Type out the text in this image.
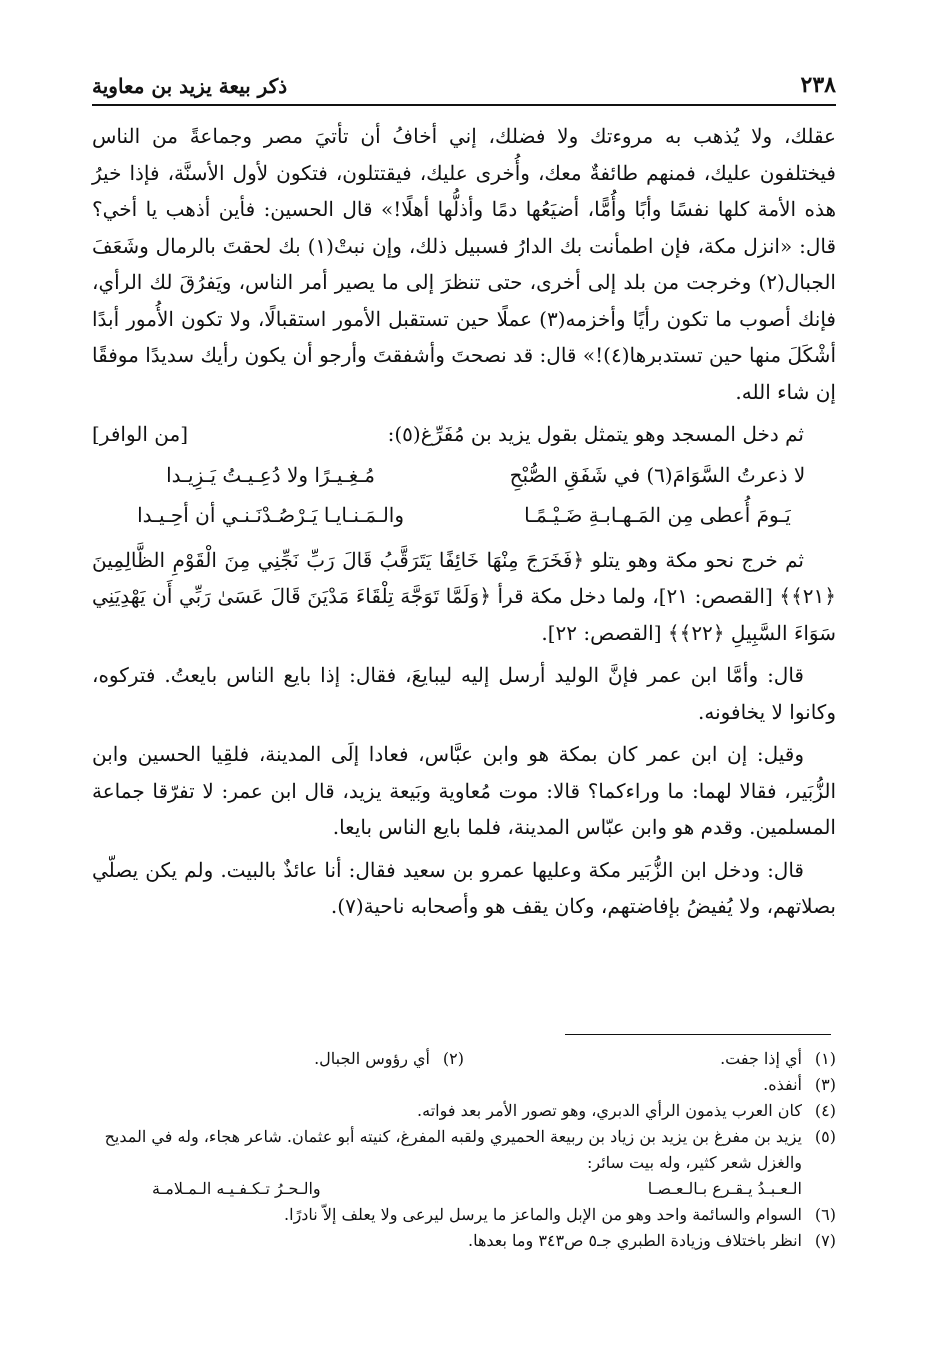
٢٣٨
ذكر بيعة يزيد بن معاوية

عقلك، ولا يُذهب به مروءتك ولا فضلك، إني أخافُ أن تأتيَ مصر وجماعةً من الناس فيختلفون عليك، فمنهم طائفةٌ معك، وأُخرى عليك، فيقتتلون، فتكون لأول الأسنَّة، فإذا خيرُ هذه الأمة كلها نفسًا وأبًا وأُمًّا، أضيَعُها دمًا وأذلُّها أهلًا!» قال الحسين: فأين أذهب يا أخي؟ قال: «انزل مكة، فإن اطمأنت بك الدارُ فسبيل ذلك، وإن نبتْ(١) بك لحقتَ بالرمال وشَعَفَ الجبال(٢) وخرجت من بلد إلى أخرى، حتى تنظرَ إلى ما يصير أمر الناس، ويَفرُقَ لك الرأي، فإنك أصوب ما تكون رأيًا وأخزمه(٣) عملًا حين تستقبل الأمور استقبالًا، ولا تكون الأُمور أبدًا أشْكَلَ منها حين تستدبرها(٤)!» قال: قد نصحتَ وأشفقتَ وأرجو أن يكون رأيك سديدًا موفقًا إن شاء الله.

ثم دخل المسجد وهو يتمثل بقول يزيد بن مُفَرِّغ(٥):
[من الوافر]
لا ذعرتُ السَّوَامَ(٦) في شَفَقِ الصُّبْحِ
مُـغِـيـرًا ولا دُعِـيـتُ يَـزِيـدا
يَـومَ أُعطى مِن المَـهـابـةِ ضَـيْـمًـا
والـمَـنـايـا يَـرْصُـدْنَـنـي أن أحِـيـدا

ثم خرج نحو مكة وهو يتلو ﴿فَخَرَجَ مِنْهَا خَائِفًا يَتَرَقَّبُ قَالَ رَبِّ نَجِّنِي مِنَ الْقَوْمِ الظَّالِمِينَ ﴿٢١﴾﴾ [القصص: ٢١]، ولما دخل مكة قرأ ﴿وَلَمَّا تَوَجَّهَ تِلْقَاءَ مَدْيَنَ قَالَ عَسَىٰ رَبِّي أَن يَهْدِيَنِي سَوَاءَ السَّبِيلِ ﴿٢٢﴾﴾ [القصص: ٢٢].

قال: وأمَّا ابن عمر فإنَّ الوليد أرسل إليه ليبايعَ، فقال: إذا بايع الناس بايعتُ. فتركوه، وكانوا لا يخافونه.

وقيل: إن ابن عمر كان بمكة هو وابن عبَّاس، فعادا إلَى المدينة، فلقِيا الحسين وابن الزُّبَير، فقالا لهما: ما وراءكما؟ قالا: موت مُعاوية وبَيعة يزيد، قال ابن عمر: لا تفرّقا جماعة المسلمين. وقدم هو وابن عبّاس المدينة، فلما بايع الناس بايعا.

قال: ودخل ابن الزُّبَير مكة وعليها عمرو بن سعيد فقال: أنا عائذٌ بالبيت. ولم يكن يصلّي بصلاتهم، ولا يُفيضُ بإفاضتهم، وكان يقف هو وأصحابه ناحية(٧).

(١)
أي إذا جفت.
(٢)
أي رؤوس الجبال.
(٣)
أنفذه.
(٤)
كان العرب يذمون الرأي الدبري، وهو تصور الأمر بعد فواته.
(٥)
يزيد بن مفرغ بن يزيد بن زياد بن ربيعة الحميري ولقبه المفرغ، كنيته أبو عثمان. شاعر هجاء، وله في المديح والغزل شعر كثير، وله بيت سائر:
الـعـبـدُ يـقـرع بـالـعـصـا
والـحـرُ تـكـفـيـه الـمـلامـة
(٦)
السوام والسائمة واحد وهو من الإبل والماعز ما يرسل ليرعى ولا يعلف إلاّ نادرًا.
(٧)
انظر باختلاف وزيادة الطبري جـ٥ ص٣٤٣ وما بعدها.
